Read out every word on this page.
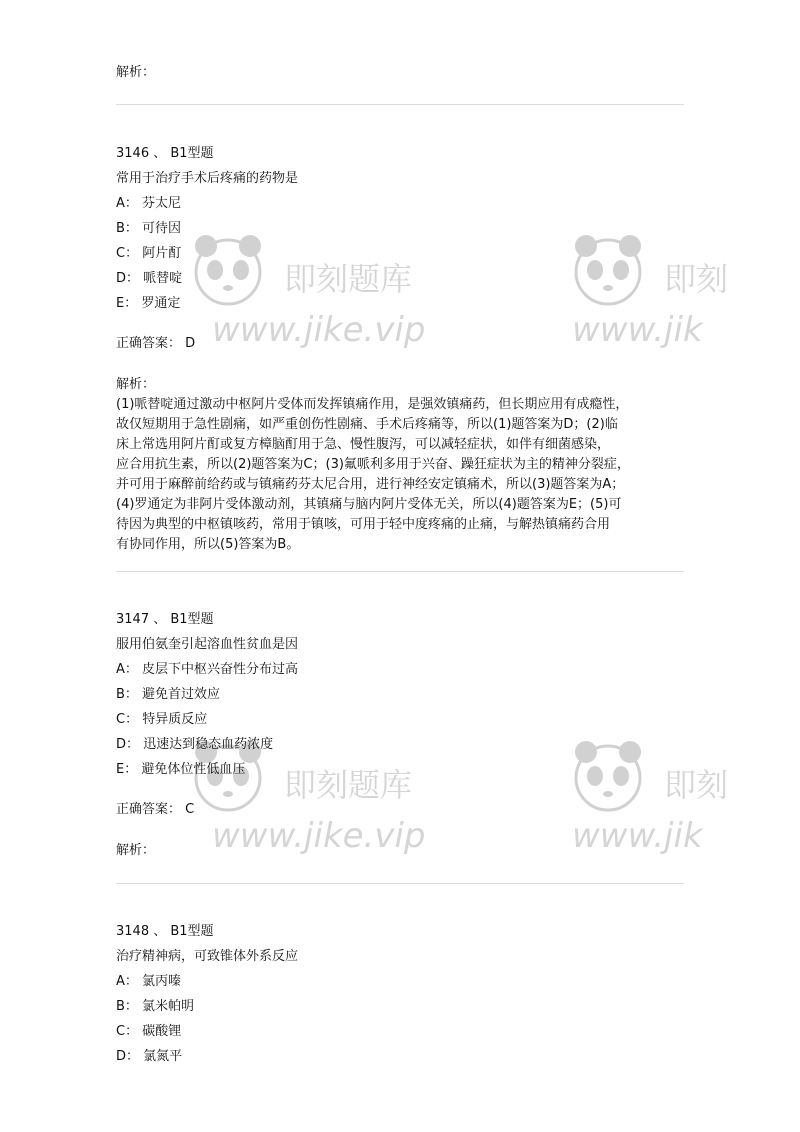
解析：
3146 、 B1型题
常用于治疗手术后疼痛的药物是
A： 芬太尼
B： 可待因
C： 阿片酊
D： 哌替啶
E： 罗通定
正确答案： D
解析：
(1)哌替啶通过激动中枢阿片受体而发挥镇痛作用，是强效镇痛药，但长期应用有成瘾性，
故仅短期用于急性剧痛，如严重创伤性剧痛、手术后疼痛等，所以(1)题答案为D；(2)临
床上常选用阿片酊或复方樟脑酊用于急、慢性腹泻，可以减轻症状，如伴有细菌感染，
应合用抗生素，所以(2)题答案为C；(3)氟哌利多用于兴奋、躁狂症状为主的精神分裂症，
并可用于麻醉前给药或与镇痛药芬太尼合用，进行神经安定镇痛术，所以(3)题答案为A；
(4)罗通定为非阿片受体激动剂，其镇痛与脑内阿片受体无关，所以(4)题答案为E；(5)可
待因为典型的中枢镇咳药，常用于镇咳，可用于轻中度疼痛的止痛，与解热镇痛药合用
有协同作用，所以(5)答案为B。
3147 、 B1型题
服用伯氨奎引起溶血性贫血是因
A： 皮层下中枢兴奋性分布过高
B： 避免首过效应
C： 特异质反应
D： 迅速达到稳态血药浓度
E： 避免体位性低血压
正确答案： C
解析：
3148 、 B1型题
治疗精神病，可致锥体外系反应
A： 氯丙嗪
B： 氯米帕明
C： 碳酸锂
D： 氯氮平
即刻题库
www.jike.vip
即刻
www.jik
即刻题库
www.jike.vip
即刻
www.jik
